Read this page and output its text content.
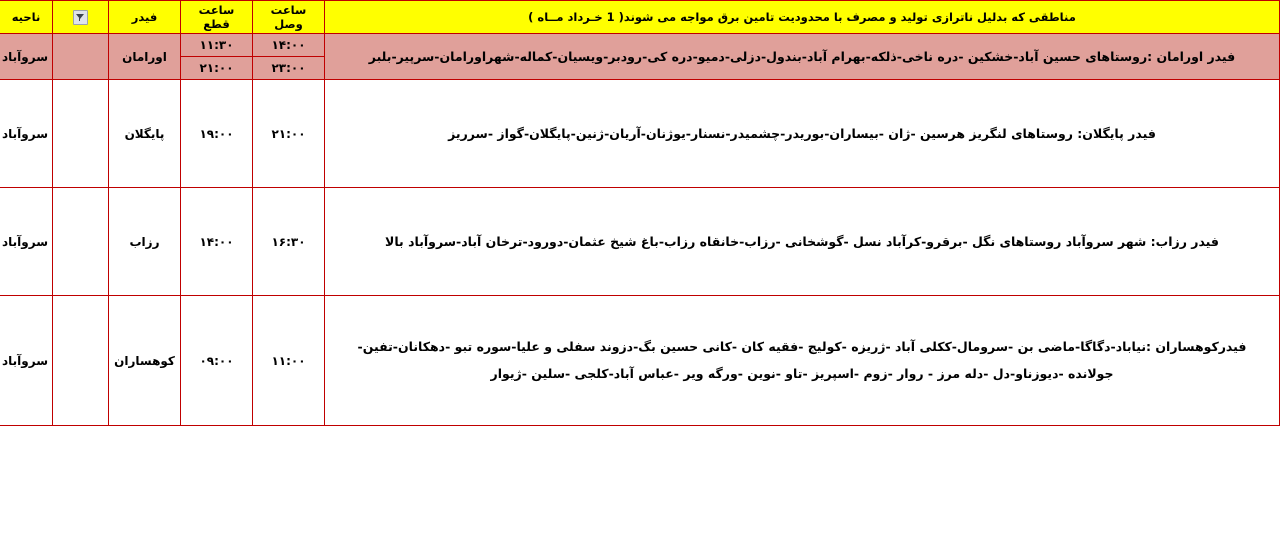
مناطقی که بدلیل ناترازی تولید و مصرف با محدودیت تامین برق مواجه می شوند( 1 خـرداد مــاه )	ساعت وصل	ساعت قطع	فیدر		ناحیه
فیدر اورامان :روستاهای حسین آباد-خشکین -دره ناخی-ذلکه-بهرام آباد-بندول-دزلی-دمیو-دره کی-رودبر-ویسیان-کماله-شهراورامان-سرپیر-بلبر	۱۴:۰۰	۱۱:۳۰	اورامان		سروآباد
	۲۳:۰۰	۲۱:۰۰			
فیدر پایگلان: روستاهای لنگریز هرسین -ژان -بیساران-بوریدر-چشمیدر-نسنار-یوژنان-آریان-ژنین-پایگلان-گواز -سرریز	۲۱:۰۰	۱۹:۰۰	پایگلان		سروآباد
فیدر رزاب: شهر سروآباد روستاهای نگل -برقرو-کرآباد نسل -گوشخانی -رزاب-خانقاه رزاب-باغ شیخ عثمان-دورود-ترخان آباد-سروآباد بالا	۱۶:۳۰	۱۴:۰۰	رزاب		سروآباد
فیدرکوهساران :نیاباد-دگاگا-ماضی بن -سرومال-ککلی آباد -ژریزه -کولیج -فقیه کان -کانی حسین بگ-دزوند سفلی و علیا-سوره تبو -دهکانان-تفین-جولانده -دیوزناو-دل -دله مرز - روار -زوم -اسپریز -تاو -نوین -ورگه ویر -عباس آباد-کلجی -سلین -ژیوار	۱۱:۰۰	۰۹:۰۰	کوهساران		سروآباد
